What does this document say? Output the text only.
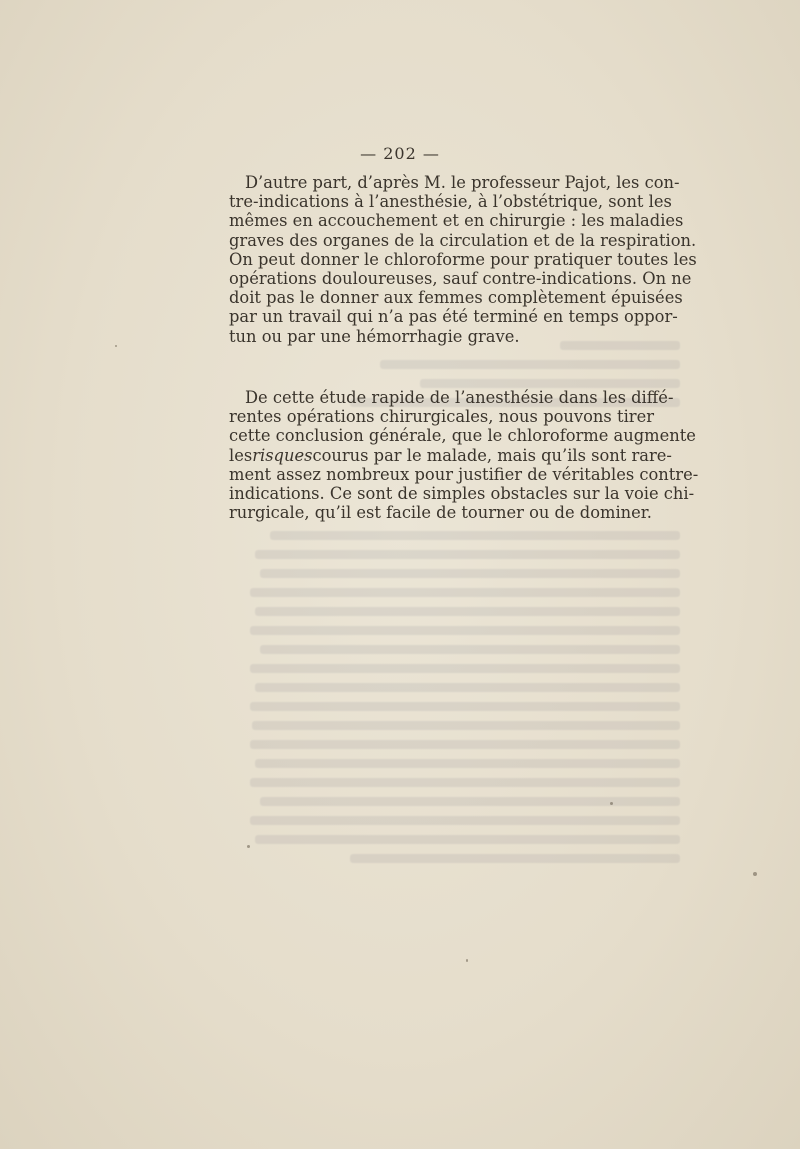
— 202 —
D’autre part, d’après M. le professeur Pajot, les con-
tre-indications à l’anesthésie, à l’obstétrique, sont les
mêmes en accouchement et en chirurgie : les maladies
graves des organes de la circulation et de la respiration.
On peut donner le chloroforme pour pratiquer toutes les
opérations douloureuses, sauf contre-indications. On ne
doit pas le donner aux femmes complètement épuisées
par un travail qui n’a pas été terminé en temps oppor-
tun ou par une hémorrhagie grave.
De cette étude rapide de l’anesthésie dans les diffé-
rentes opérations chirurgicales, nous pouvons tirer
cette conclusion générale, que le chloroforme augmente
les risques courus par le malade, mais qu’ils sont rare-
ment assez nombreux pour justifier de véritables contre-
indications. Ce sont de simples obstacles sur la voie chi-
rurgicale, qu’il est facile de tourner ou de dominer.
